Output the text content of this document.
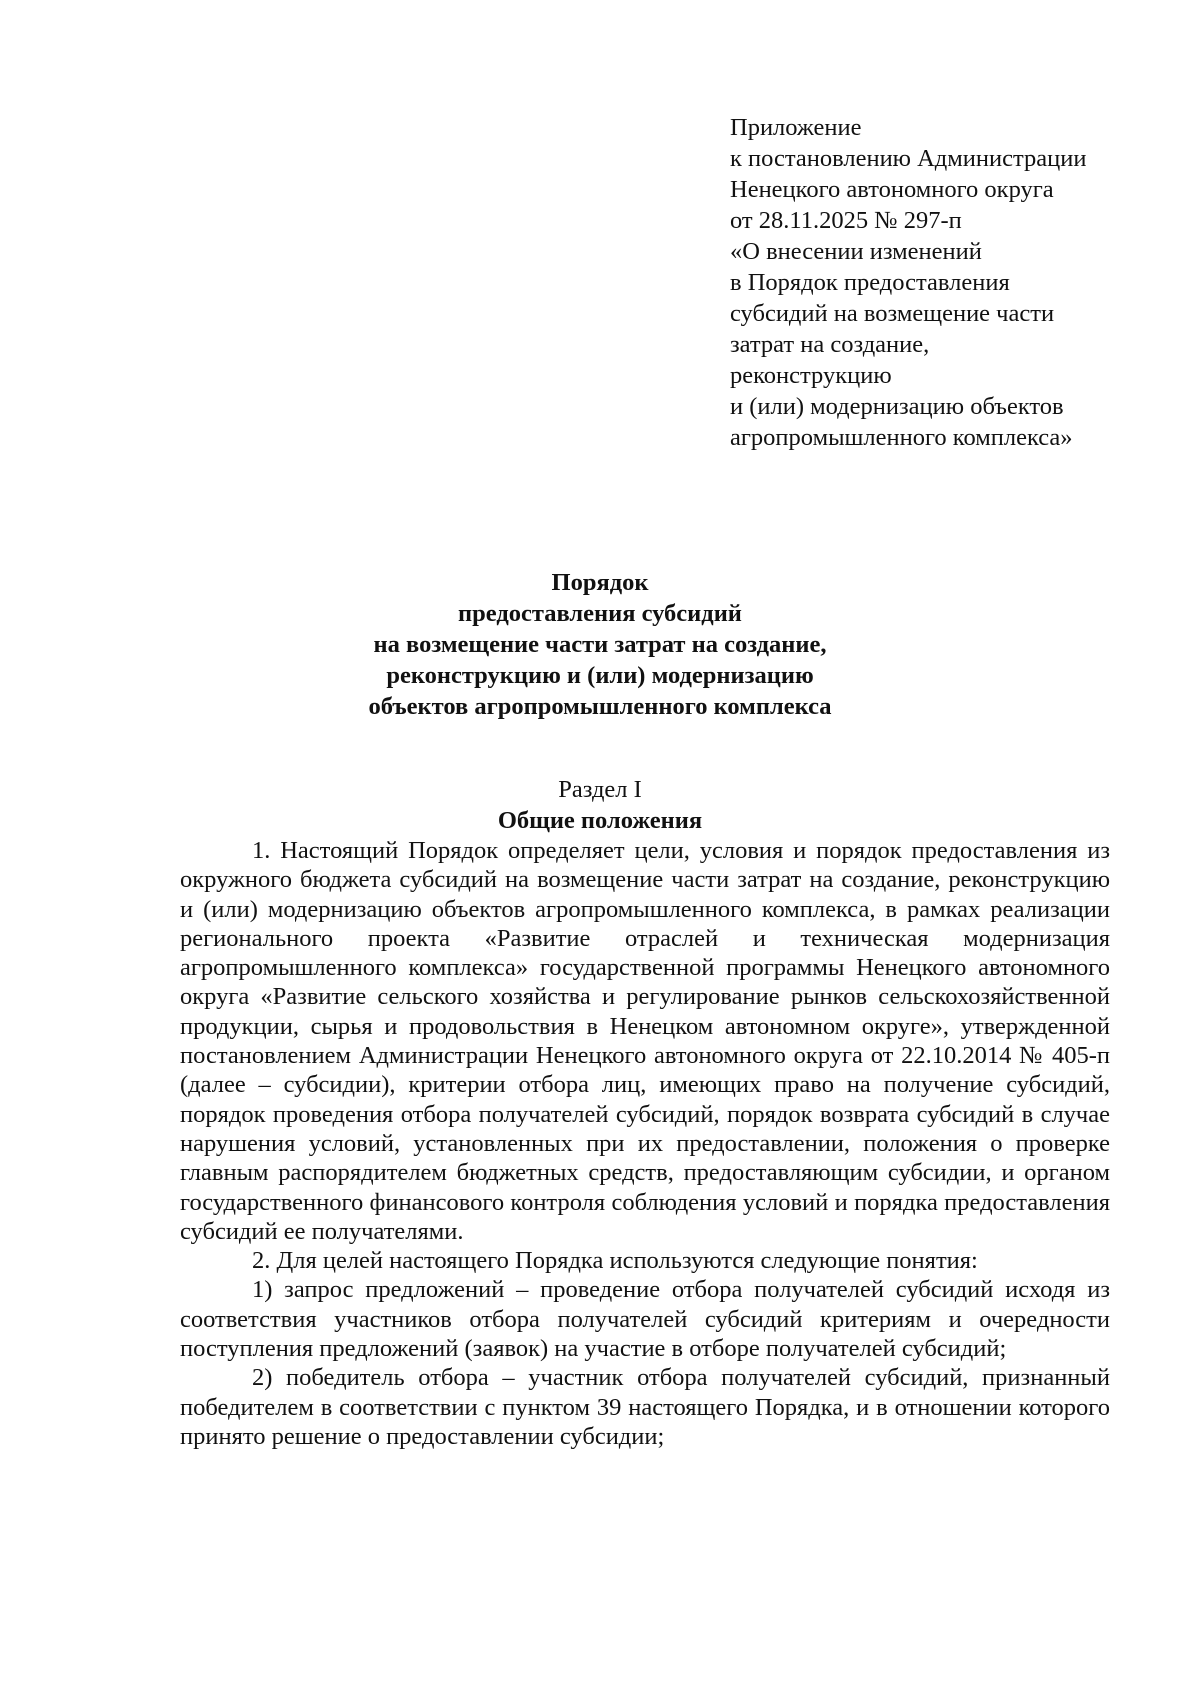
Приложение
к постановлению Администрации
Ненецкого автономного округа
от 28.11.2025 № 297-п
«О внесении изменений
в Порядок предоставления
субсидий на возмещение части
затрат на создание,
реконструкцию
и (или) модернизацию объектов
агропромышленного комплекса»
Порядок
предоставления субсидий
на возмещение части затрат на создание,
реконструкцию и (или) модернизацию
объектов агропромышленного комплекса
Раздел I
Общие положения

1. Настоящий Порядок определяет цели, условия и порядок предоставления из окружного бюджета субсидий на возмещение части затрат на создание, реконструкцию и (или) модернизацию объектов агропромышленного комплекса, в рамках реализации регионального проекта «Развитие отраслей и техническая модернизация агропромышленного комплекса» государственной программы Ненецкого автономного округа «Развитие сельского хозяйства и регулирование рынков сельскохозяйственной продукции, сырья и продовольствия в Ненецком автономном округе», утвержденной постановлением Администрации Ненецкого автономного округа от 22.10.2014 № 405-п (далее – субсидии), критерии отбора лиц, имеющих право на получение субсидий, порядок проведения отбора получателей субсидий, порядок возврата субсидий в случае нарушения условий, установленных при их предоставлении, положения о проверке главным распорядителем бюджетных средств, предоставляющим субсидии, и органом государственного финансового контроля соблюдения условий и порядка предоставления субсидий ее получателями.

2. Для целей настоящего Порядка используются следующие понятия:

1) запрос предложений – проведение отбора получателей субсидий исходя из соответствия участников отбора получателей субсидий критериям и очередности поступления предложений (заявок) на участие в отборе получателей субсидий;

2) победитель отбора – участник отбора получателей субсидий, признанный победителем в соответствии с пунктом 39 настоящего Порядка, и в отношении которого принято решение о предоставлении субсидии;
